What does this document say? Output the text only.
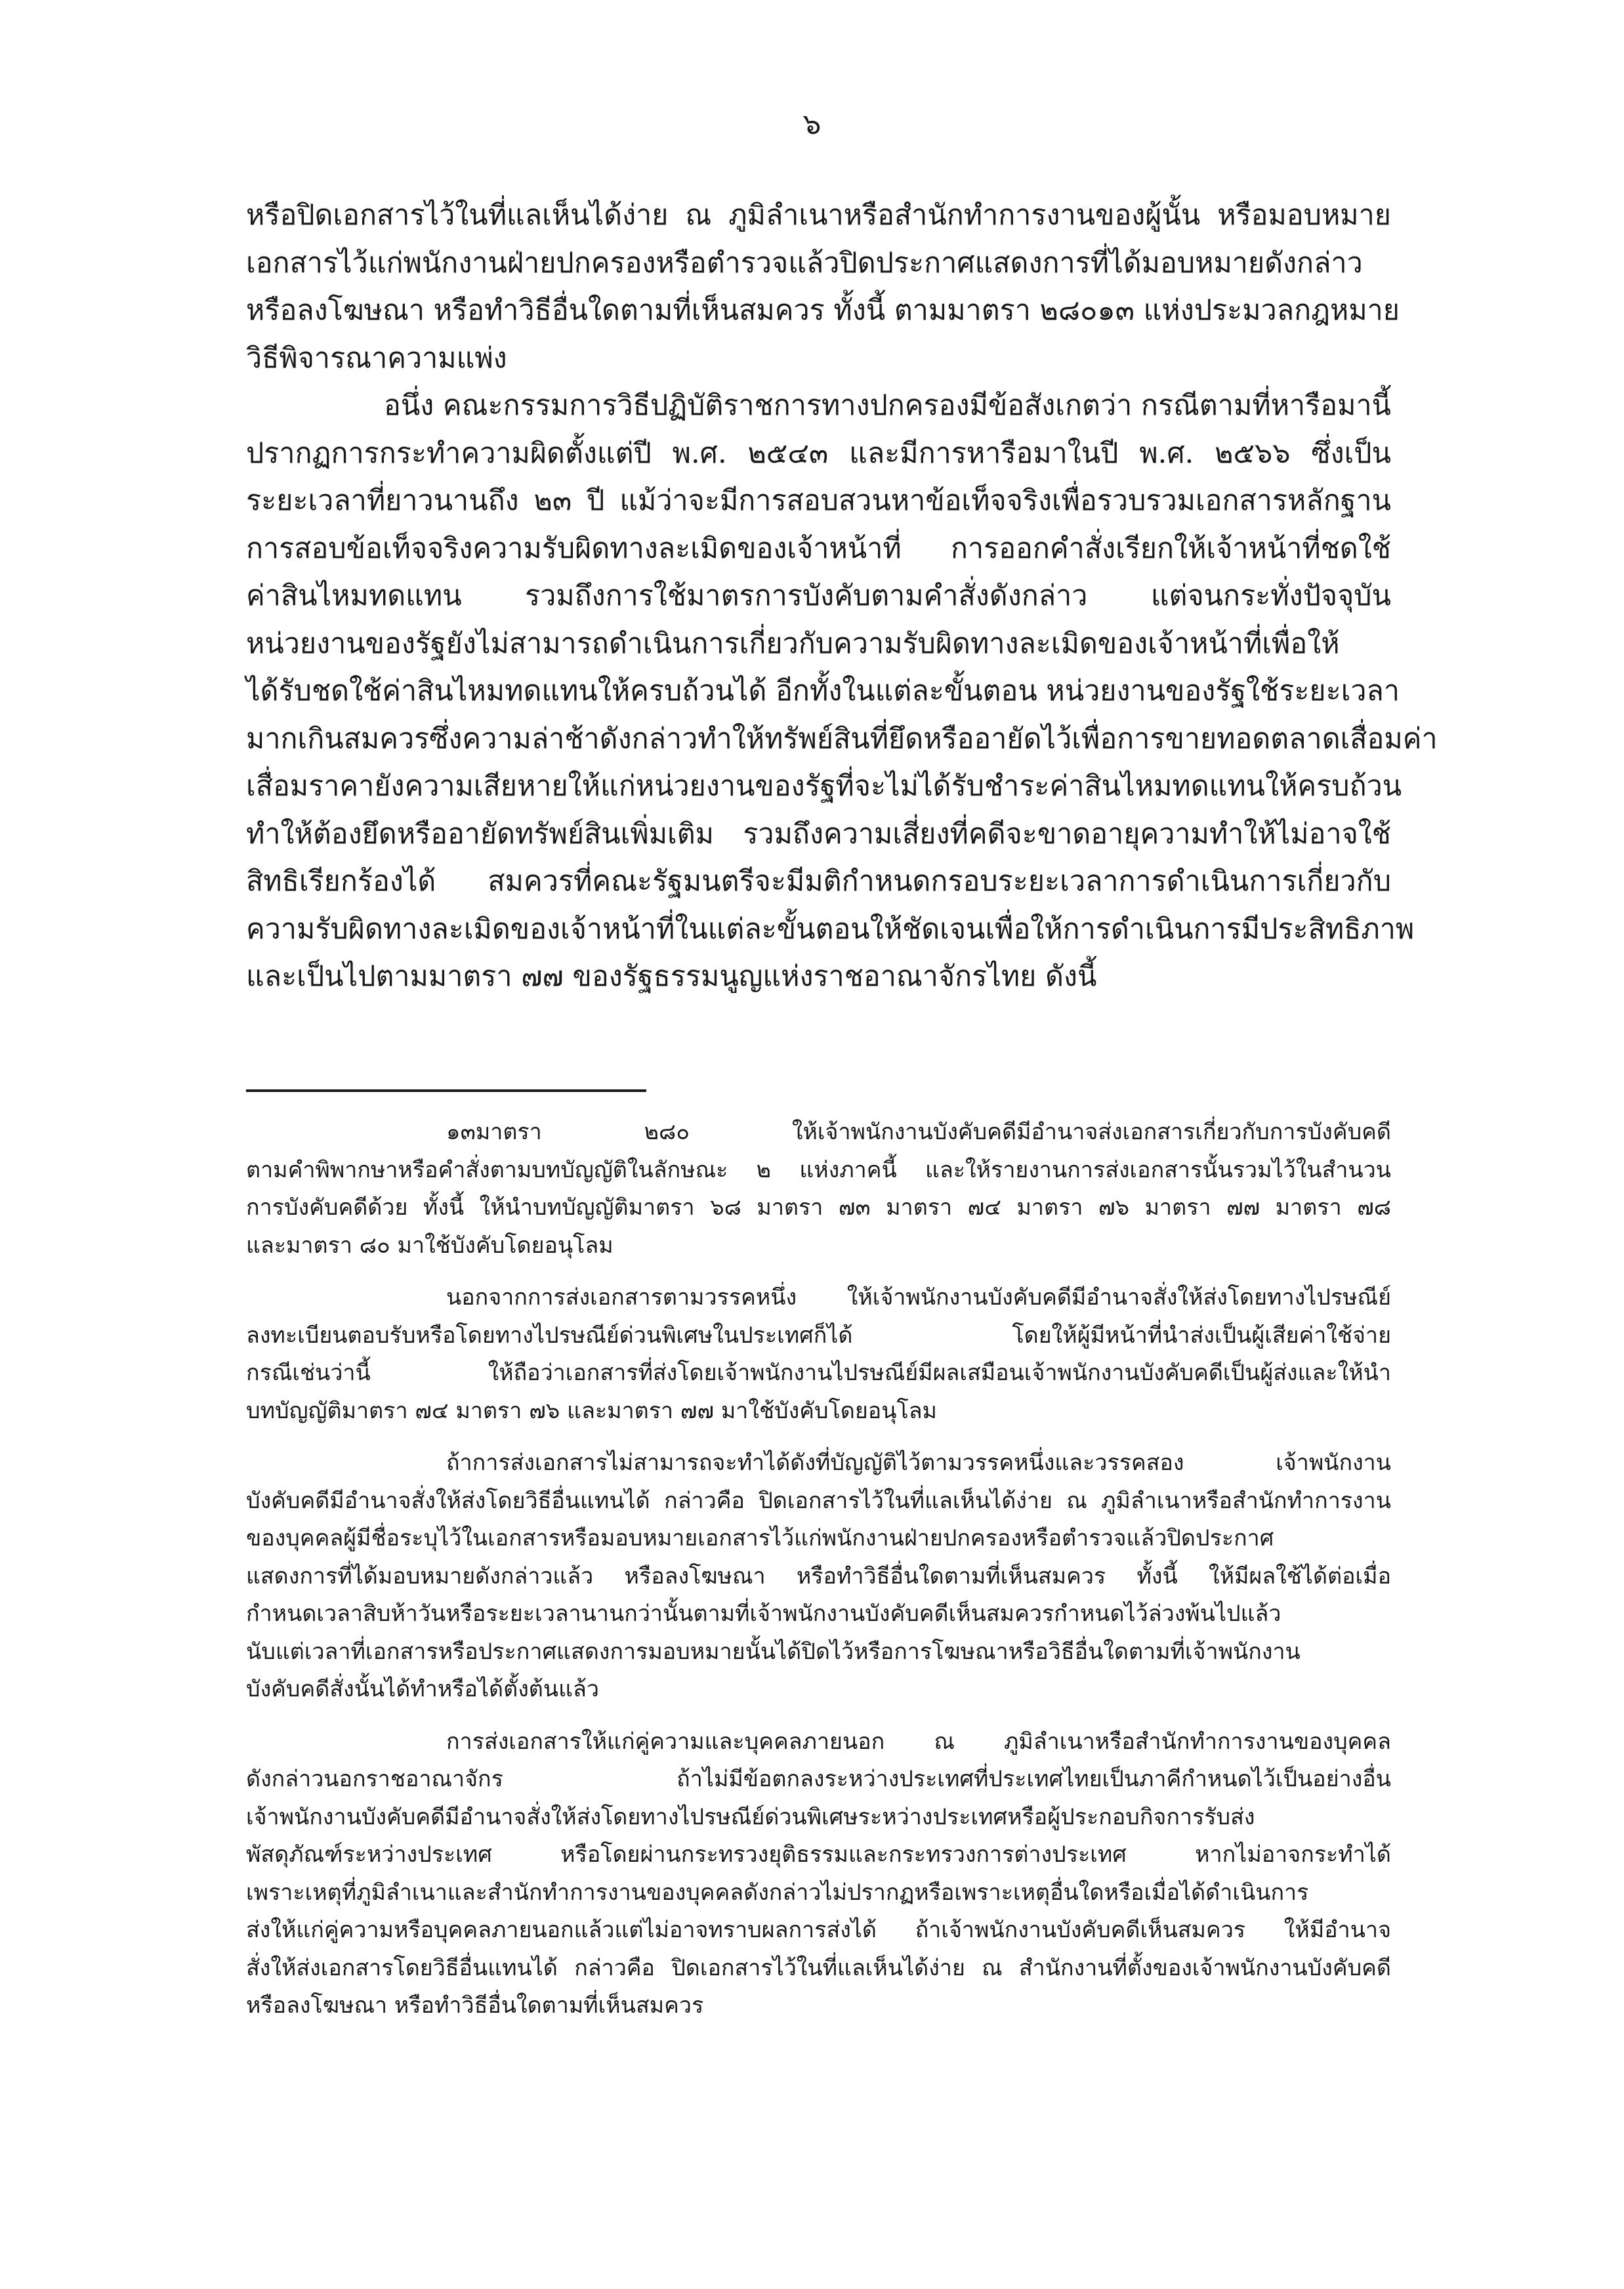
๖
หรือปิดเอกสารไว้ในที่แลเห็นได้ง่าย ณ ภูมิลำเนาหรือสำนักทำการงานของผู้นั้น หรือมอบหมาย
เอกสารไว้แก่พนักงานฝ่ายปกครองหรือตำรวจแล้วปิดประกาศแสดงการที่ได้มอบหมายดังกล่าว
หรือลงโฆษณา หรือทำวิธีอื่นใดตามที่เห็นสมควร ทั้งนี้ ตามมาตรา ๒๘๐๑๓ แห่งประมวลกฎหมาย
วิธีพิจารณาความแพ่ง
อนึ่ง คณะกรรมการวิธีปฏิบัติราชการทางปกครองมีข้อสังเกตว่า กรณีตามที่หารือมานี้
ปรากฏการกระทำความผิดตั้งแต่ปี พ.ศ. ๒๕๔๓ และมีการหารือมาในปี พ.ศ. ๒๕๖๖ ซึ่งเป็น
ระยะเวลาที่ยาวนานถึง ๒๓ ปี แม้ว่าจะมีการสอบสวนหาข้อเท็จจริงเพื่อรวบรวมเอกสารหลักฐาน
การสอบข้อเท็จจริงความรับผิดทางละเมิดของเจ้าหน้าที่ การออกคำสั่งเรียกให้เจ้าหน้าที่ชดใช้
ค่าสินไหมทดแทน รวมถึงการใช้มาตรการบังคับตามคำสั่งดังกล่าว แต่จนกระทั่งปัจจุบัน
หน่วยงานของรัฐยังไม่สามารถดำเนินการเกี่ยวกับความรับผิดทางละเมิดของเจ้าหน้าที่เพื่อให้
ได้รับชดใช้ค่าสินไหมทดแทนให้ครบถ้วนได้ อีกทั้งในแต่ละขั้นตอน หน่วยงานของรัฐใช้ระยะเวลา
มากเกินสมควรซึ่งความล่าช้าดังกล่าวทำให้ทรัพย์สินที่ยึดหรืออายัดไว้เพื่อการขายทอดตลาดเสื่อมค่า
เสื่อมราคายังความเสียหายให้แก่หน่วยงานของรัฐที่จะไม่ได้รับชำระค่าสินไหมทดแทนให้ครบถ้วน
ทำให้ต้องยึดหรืออายัดทรัพย์สินเพิ่มเติม รวมถึงความเสี่ยงที่คดีจะขาดอายุความทำให้ไม่อาจใช้
สิทธิเรียกร้องได้ สมควรที่คณะรัฐมนตรีจะมีมติกำหนดกรอบระยะเวลาการดำเนินการเกี่ยวกับ
ความรับผิดทางละเมิดของเจ้าหน้าที่ในแต่ละขั้นตอนให้ชัดเจนเพื่อให้การดำเนินการมีประสิทธิภาพ
และเป็นไปตามมาตรา ๗๗ ของรัฐธรรมนูญแห่งราชอาณาจักรไทย ดังนี้
๑๓มาตรา ๒๘๐ ให้เจ้าพนักงานบังคับคดีมีอำนาจส่งเอกสารเกี่ยวกับการบังคับคดี
ตามคำพิพากษาหรือคำสั่งตามบทบัญญัติในลักษณะ ๒ แห่งภาคนี้ และให้รายงานการส่งเอกสารนั้นรวมไว้ในสำนวน
การบังคับคดีด้วย ทั้งนี้ ให้นำบทบัญญัติมาตรา ๖๘ มาตรา ๗๓ มาตรา ๗๔ มาตรา ๗๖ มาตรา ๗๗ มาตรา ๗๘
และมาตรา ๘๐ มาใช้บังคับโดยอนุโลม
นอกจากการส่งเอกสารตามวรรคหนึ่ง ให้เจ้าพนักงานบังคับคดีมีอำนาจสั่งให้ส่งโดยทางไปรษณีย์
ลงทะเบียนตอบรับหรือโดยทางไปรษณีย์ด่วนพิเศษในประเทศก็ได้ โดยให้ผู้มีหน้าที่นำส่งเป็นผู้เสียค่าใช้จ่าย
กรณีเช่นว่านี้ ให้ถือว่าเอกสารที่ส่งโดยเจ้าพนักงานไปรษณีย์มีผลเสมือนเจ้าพนักงานบังคับคดีเป็นผู้ส่งและให้นำ
บทบัญญัติมาตรา ๗๔ มาตรา ๗๖ และมาตรา ๗๗ มาใช้บังคับโดยอนุโลม
ถ้าการส่งเอกสารไม่สามารถจะทำได้ดังที่บัญญัติไว้ตามวรรคหนึ่งและวรรคสอง เจ้าพนักงาน
บังคับคดีมีอำนาจสั่งให้ส่งโดยวิธีอื่นแทนได้ กล่าวคือ ปิดเอกสารไว้ในที่แลเห็นได้ง่าย ณ ภูมิลำเนาหรือสำนักทำการงาน
ของบุคคลผู้มีชื่อระบุไว้ในเอกสารหรือมอบหมายเอกสารไว้แก่พนักงานฝ่ายปกครองหรือตำรวจแล้วปิดประกาศ
แสดงการที่ได้มอบหมายดังกล่าวแล้ว หรือลงโฆษณา หรือทำวิธีอื่นใดตามที่เห็นสมควร ทั้งนี้ ให้มีผลใช้ได้ต่อเมื่อ
กำหนดเวลาสิบห้าวันหรือระยะเวลานานกว่านั้นตามที่เจ้าพนักงานบังคับคดีเห็นสมควรกำหนดไว้ล่วงพ้นไปแล้ว
นับแต่เวลาที่เอกสารหรือประกาศแสดงการมอบหมายนั้นได้ปิดไว้หรือการโฆษณาหรือวิธีอื่นใดตามที่เจ้าพนักงาน
บังคับคดีสั่งนั้นได้ทำหรือได้ตั้งต้นแล้ว
การส่งเอกสารให้แก่คู่ความและบุคคลภายนอก ณ ภูมิลำเนาหรือสำนักทำการงานของบุคคล
ดังกล่าวนอกราชอาณาจักร ถ้าไม่มีข้อตกลงระหว่างประเทศที่ประเทศไทยเป็นภาคีกำหนดไว้เป็นอย่างอื่น
เจ้าพนักงานบังคับคดีมีอำนาจสั่งให้ส่งโดยทางไปรษณีย์ด่วนพิเศษระหว่างประเทศหรือผู้ประกอบกิจการรับส่ง
พัสดุภัณฑ์ระหว่างประเทศ หรือโดยผ่านกระทรวงยุติธรรมและกระทรวงการต่างประเทศ หากไม่อาจกระทำได้
เพราะเหตุที่ภูมิลำเนาและสำนักทำการงานของบุคคลดังกล่าวไม่ปรากฏหรือเพราะเหตุอื่นใดหรือเมื่อได้ดำเนินการ
ส่งให้แก่คู่ความหรือบุคคลภายนอกแล้วแต่ไม่อาจทราบผลการส่งได้ ถ้าเจ้าพนักงานบังคับคดีเห็นสมควร ให้มีอำนาจ
สั่งให้ส่งเอกสารโดยวิธีอื่นแทนได้ กล่าวคือ ปิดเอกสารไว้ในที่แลเห็นได้ง่าย ณ สำนักงานที่ตั้งของเจ้าพนักงานบังคับคดี
หรือลงโฆษณา หรือทำวิธีอื่นใดตามที่เห็นสมควร
